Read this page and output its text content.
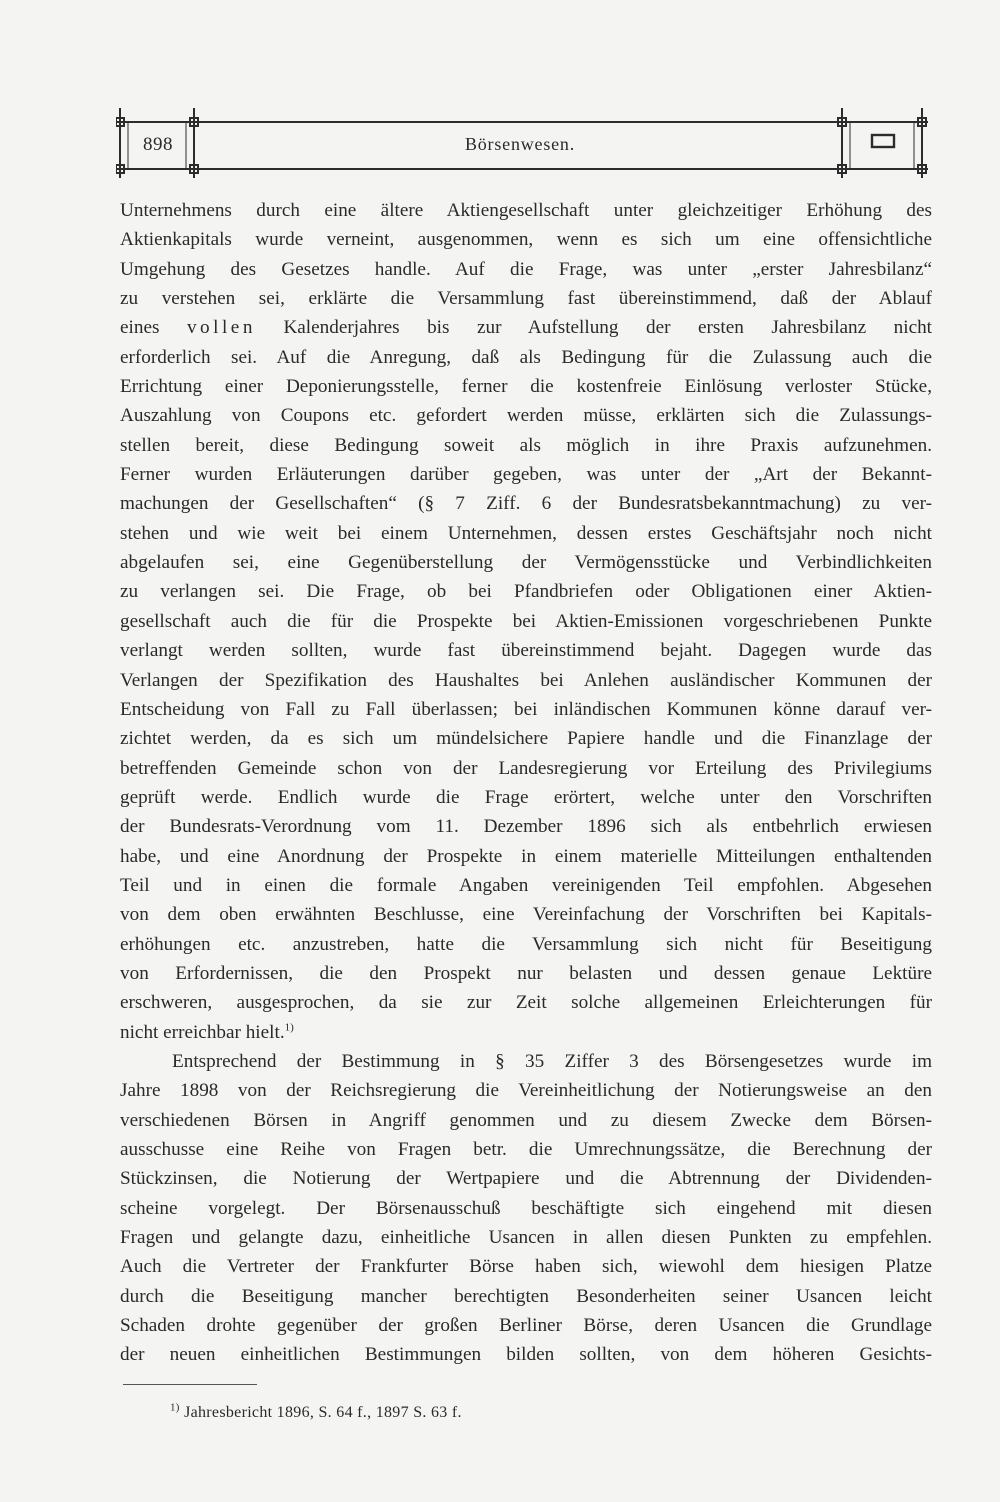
898	Börsenwesen.
Unternehmens durch eine ältere Aktiengesellschaft unter gleichzeitiger Erhöhung des
Aktienkapitals wurde verneint, ausgenommen, wenn es sich um eine offensichtliche
Umgehung des Gesetzes handle. Auf die Frage, was unter „erster Jahresbilanz“
zu verstehen sei, erklärte die Versammlung fast übereinstimmend, daß der Ablauf
eines vollen Kalenderjahres bis zur Aufstellung der ersten Jahresbilanz nicht
erforderlich sei. Auf die Anregung, daß als Bedingung für die Zulassung auch die
Errichtung einer Deponierungsstelle, ferner die kostenfreie Einlösung verloster Stücke,
Auszahlung von Coupons etc. gefordert werden müsse, erklärten sich die Zulassungs-
stellen bereit, diese Bedingung soweit als möglich in ihre Praxis aufzunehmen.
Ferner wurden Erläuterungen darüber gegeben, was unter der „Art der Bekannt-
machungen der Gesellschaften“ (§ 7 Ziff. 6 der Bundesratsbekanntmachung) zu ver-
stehen und wie weit bei einem Unternehmen, dessen erstes Geschäftsjahr noch nicht
abgelaufen sei, eine Gegenüberstellung der Vermögensstücke und Verbindlichkeiten
zu verlangen sei. Die Frage, ob bei Pfandbriefen oder Obligationen einer Aktien-
gesellschaft auch die für die Prospekte bei Aktien-Emissionen vorgeschriebenen Punkte
verlangt werden sollten, wurde fast übereinstimmend bejaht. Dagegen wurde das
Verlangen der Spezifikation des Haushaltes bei Anlehen ausländischer Kommunen der
Entscheidung von Fall zu Fall überlassen; bei inländischen Kommunen könne darauf ver-
zichtet werden, da es sich um mündelsichere Papiere handle und die Finanzlage der
betreffenden Gemeinde schon von der Landesregierung vor Erteilung des Privilegiums
geprüft werde. Endlich wurde die Frage erörtert, welche unter den Vorschriften
der Bundesrats-Verordnung vom 11. Dezember 1896 sich als entbehrlich erwiesen
habe, und eine Anordnung der Prospekte in einem materielle Mitteilungen enthaltenden
Teil und in einen die formale Angaben vereinigenden Teil empfohlen. Abgesehen
von dem oben erwähnten Beschlusse, eine Vereinfachung der Vorschriften bei Kapitals-
erhöhungen etc. anzustreben, hatte die Versammlung sich nicht für Beseitigung
von Erfordernissen, die den Prospekt nur belasten und dessen genaue Lektüre
erschweren, ausgesprochen, da sie zur Zeit solche allgemeinen Erleichterungen für
nicht erreichbar hielt.$^{1)}$
Entsprechend der Bestimmung in § 35 Ziffer 3 des Börsengesetzes wurde im
Jahre 1898 von der Reichsregierung die Vereinheitlichung der Notierungsweise an den
verschiedenen Börsen in Angriff genommen und zu diesem Zwecke dem Börsen-
ausschusse eine Reihe von Fragen betr. die Umrechnungssätze, die Berechnung der
Stückzinsen, die Notierung der Wertpapiere und die Abtrennung der Dividenden-
scheine vorgelegt. Der Börsenausschuß beschäftigte sich eingehend mit diesen
Fragen und gelangte dazu, einheitliche Usancen in allen diesen Punkten zu empfehlen.
Auch die Vertreter der Frankfurter Börse haben sich, wiewohl dem hiesigen Platze
durch die Beseitigung mancher berechtigten Besonderheiten seiner Usancen leicht
Schaden drohte gegenüber der großen Berliner Börse, deren Usancen die Grundlage
der neuen einheitlichen Bestimmungen bilden sollten, von dem höheren Gesichts-
$^{1)}$ Jahresbericht 1896, S. 64 f., 1897 S. 63 f.
